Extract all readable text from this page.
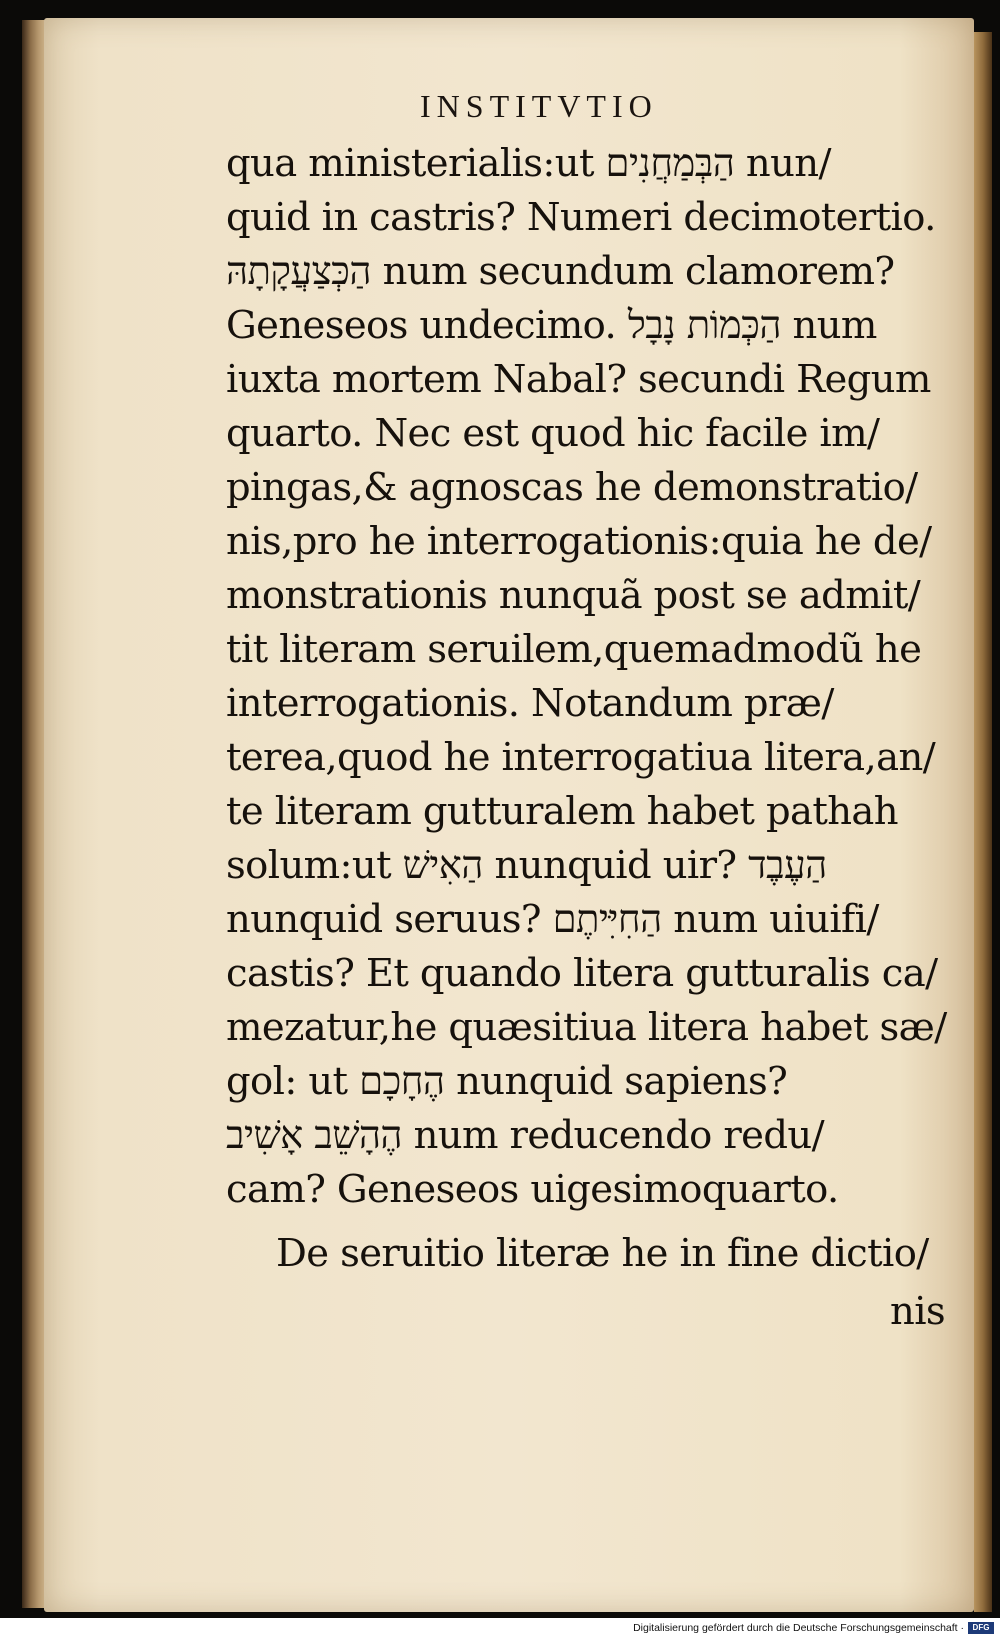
INSTITVTIO
qua ministerialis:ut הַבְּמַחֲנִים nun/
quid in castris? Numeri decimotertio.
הַכְּצַעֲקָתָהּ num secundum clamorem?
Geneseos undecimo. הַכְּמוֹת נָבָל num
iuxta mortem Nabal? secundi Regum
quarto. Nec est quod hic facile im/
pingas,& agnoscas he demonstratio/
nis,pro he interrogationis:quia he de/
monstrationis nunquã post se admit/
tit literam seruilem,quemadmodũ he
interrogationis. Notandum præ/
terea,quod he interrogatiua litera,an/
te literam gutturalem habet pathah
solum:ut הַאִישׁ nunquid uir? הַעֶבֶד
nunquid seruus? הַחִיִּיתֶם num uiuifi/
castis? Et quando litera gutturalis ca/
mezatur,he quæsitiua litera habet sæ/
gol: ut הֶחָכָם nunquid sapiens?
הֶהָשֵׁב אָשִׁיב num reducendo redu/
cam? Geneseos uigesimoquarto.
De seruitio literæ he in fine dictio/
nis
Digitalisierung gefördert durch die Deutsche Forschungsgemeinschaft ·	DFG
